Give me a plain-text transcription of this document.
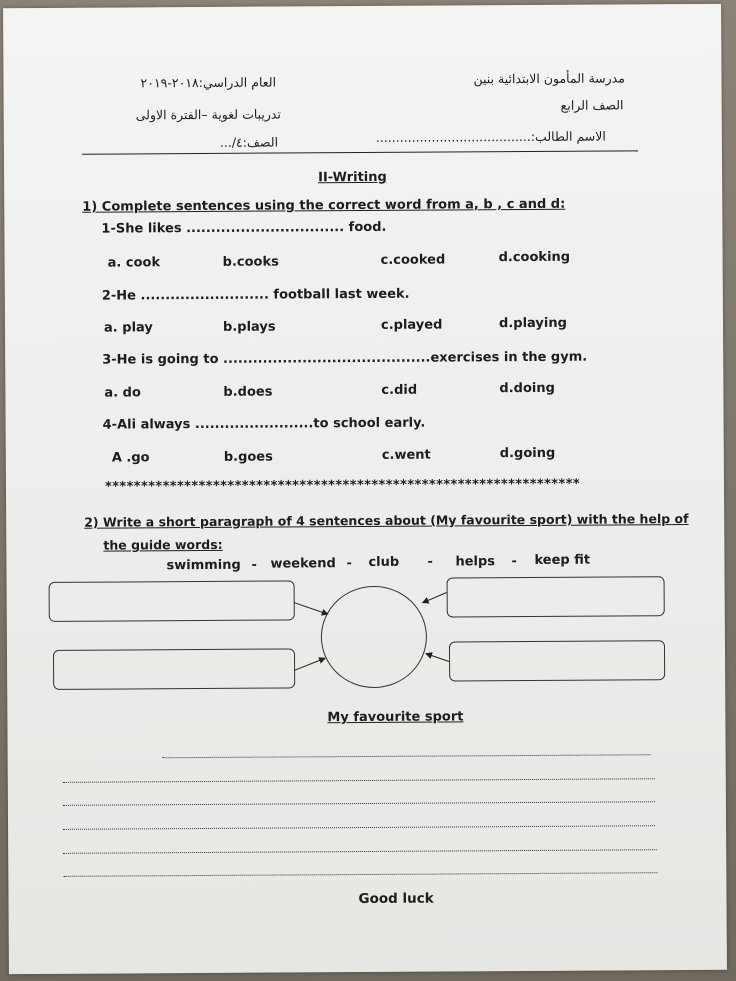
مدرسة المأمون الابتدائية بنين
العام الدراسي:٢٠١٨-٢٠١٩
الصف الرابع
تدريبات لغوية –الفترة الاولى
الاسم الطالب:.......................................
الصف:٤/...
II-Writing
1) Complete sentences using the correct word from a, b , c and d:
1-She likes ................................ food.
a. cook	b.cooks	c.cooked	d.cooking
2-He .......................... football last week.
a. play	b.plays	c.played	d.playing
3-He is going to ..........................................exercises in the gym.
a. do	b.does	c.did	d.doing
4-Ali always ........................to school early.
A .go	b.goes	c.went	d.going
******************************************************************
2) Write a short paragraph of 4 sentences about (My favourite sport) with the help of
the guide words:
swimming - weekend - club - helps - keep fit
My favourite sport
Good luck
